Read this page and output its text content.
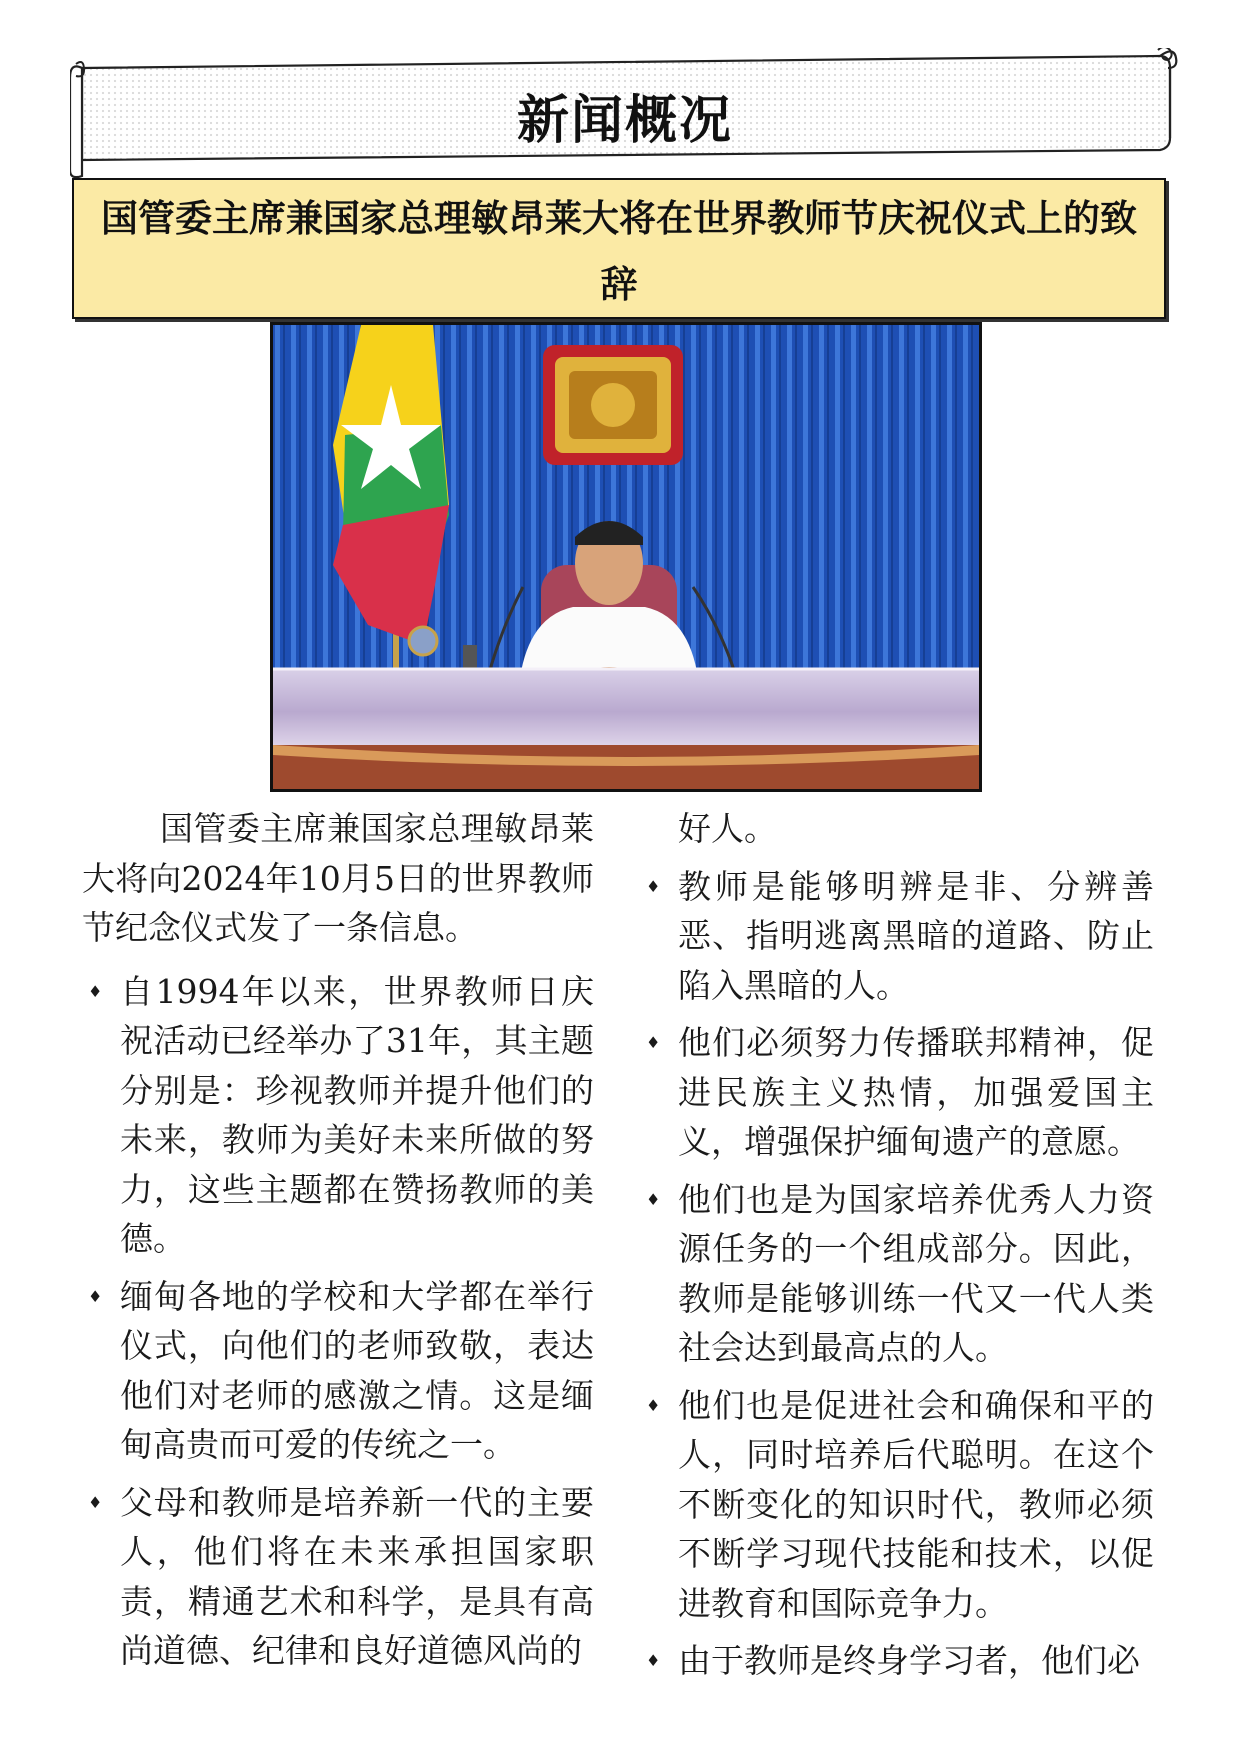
新闻概况
国管委主席兼国家总理敏昂莱大将在世界教师节庆祝仪式上的致辞

国管委主席兼国家总理敏昂莱大将向2024年10月5日的世界教师节纪念仪式发了一条信息。

♦ 自1994年以来，世界教师日庆祝活动已经举办了31年，其主题分别是：珍视教师并提升他们的未来，教师为美好未来所做的努力，这些主题都在赞扬教师的美德。
♦ 缅甸各地的学校和大学都在举行仪式，向他们的老师致敬，表达他们对老师的感激之情。这是缅甸高贵而可爱的传统之一。
♦ 父母和教师是培养新一代的主要人，他们将在未来承担国家职责，精通艺术和科学，是具有高尚道德、纪律和良好道德风尚的

好人。

♦ 教师是能够明辨是非、分辨善恶、指明逃离黑暗的道路、防止陷入黑暗的人。
♦ 他们必须努力传播联邦精神，促进民族主义热情，加强爱国主义，增强保护缅甸遗产的意愿。
♦ 他们也是为国家培养优秀人力资源任务的一个组成部分。因此，教师是能够训练一代又一代人类社会达到最高点的人。
♦ 他们也是促进社会和确保和平的人，同时培养后代聪明。在这个不断变化的知识时代，教师必须不断学习现代技能和技术，以促进教育和国际竞争力。
♦ 由于教师是终身学习者，他们必
